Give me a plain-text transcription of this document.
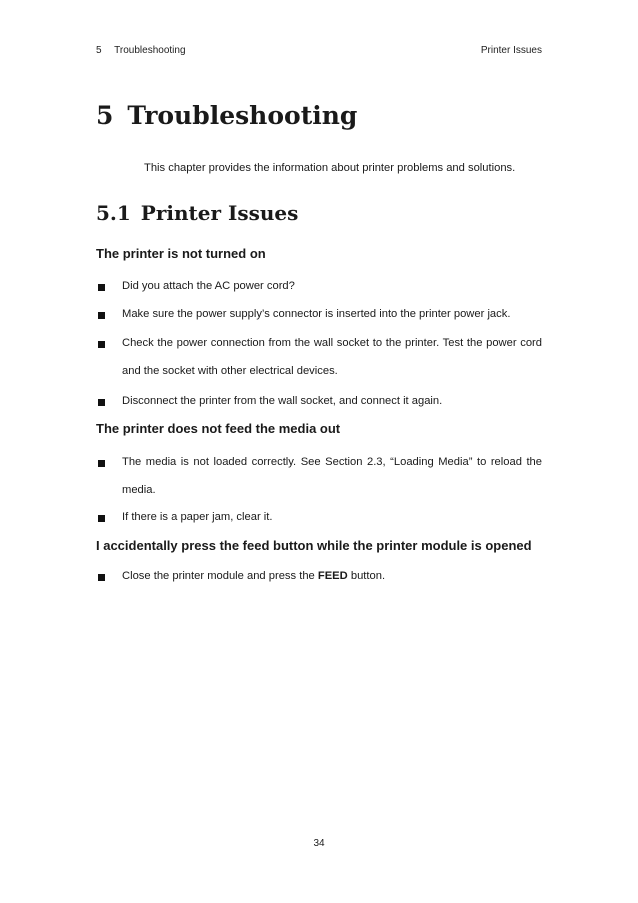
5 Troubleshooting	Printer Issues
5 Troubleshooting
This chapter provides the information about printer problems and solutions.
5.1 Printer Issues
The printer is not turned on
Did you attach the AC power cord?
Make sure the power supply’s connector is inserted into the printer power jack.
Check the power connection from the wall socket to the printer. Test the power cord and the socket with other electrical devices.
Disconnect the printer from the wall socket, and connect it again.
The printer does not feed the media out
The media is not loaded correctly. See Section 2.3, “Loading Media” to reload the media.
If there is a paper jam, clear it.
I accidentally press the feed button while the printer module is opened
Close the printer module and press the FEED button.
34
